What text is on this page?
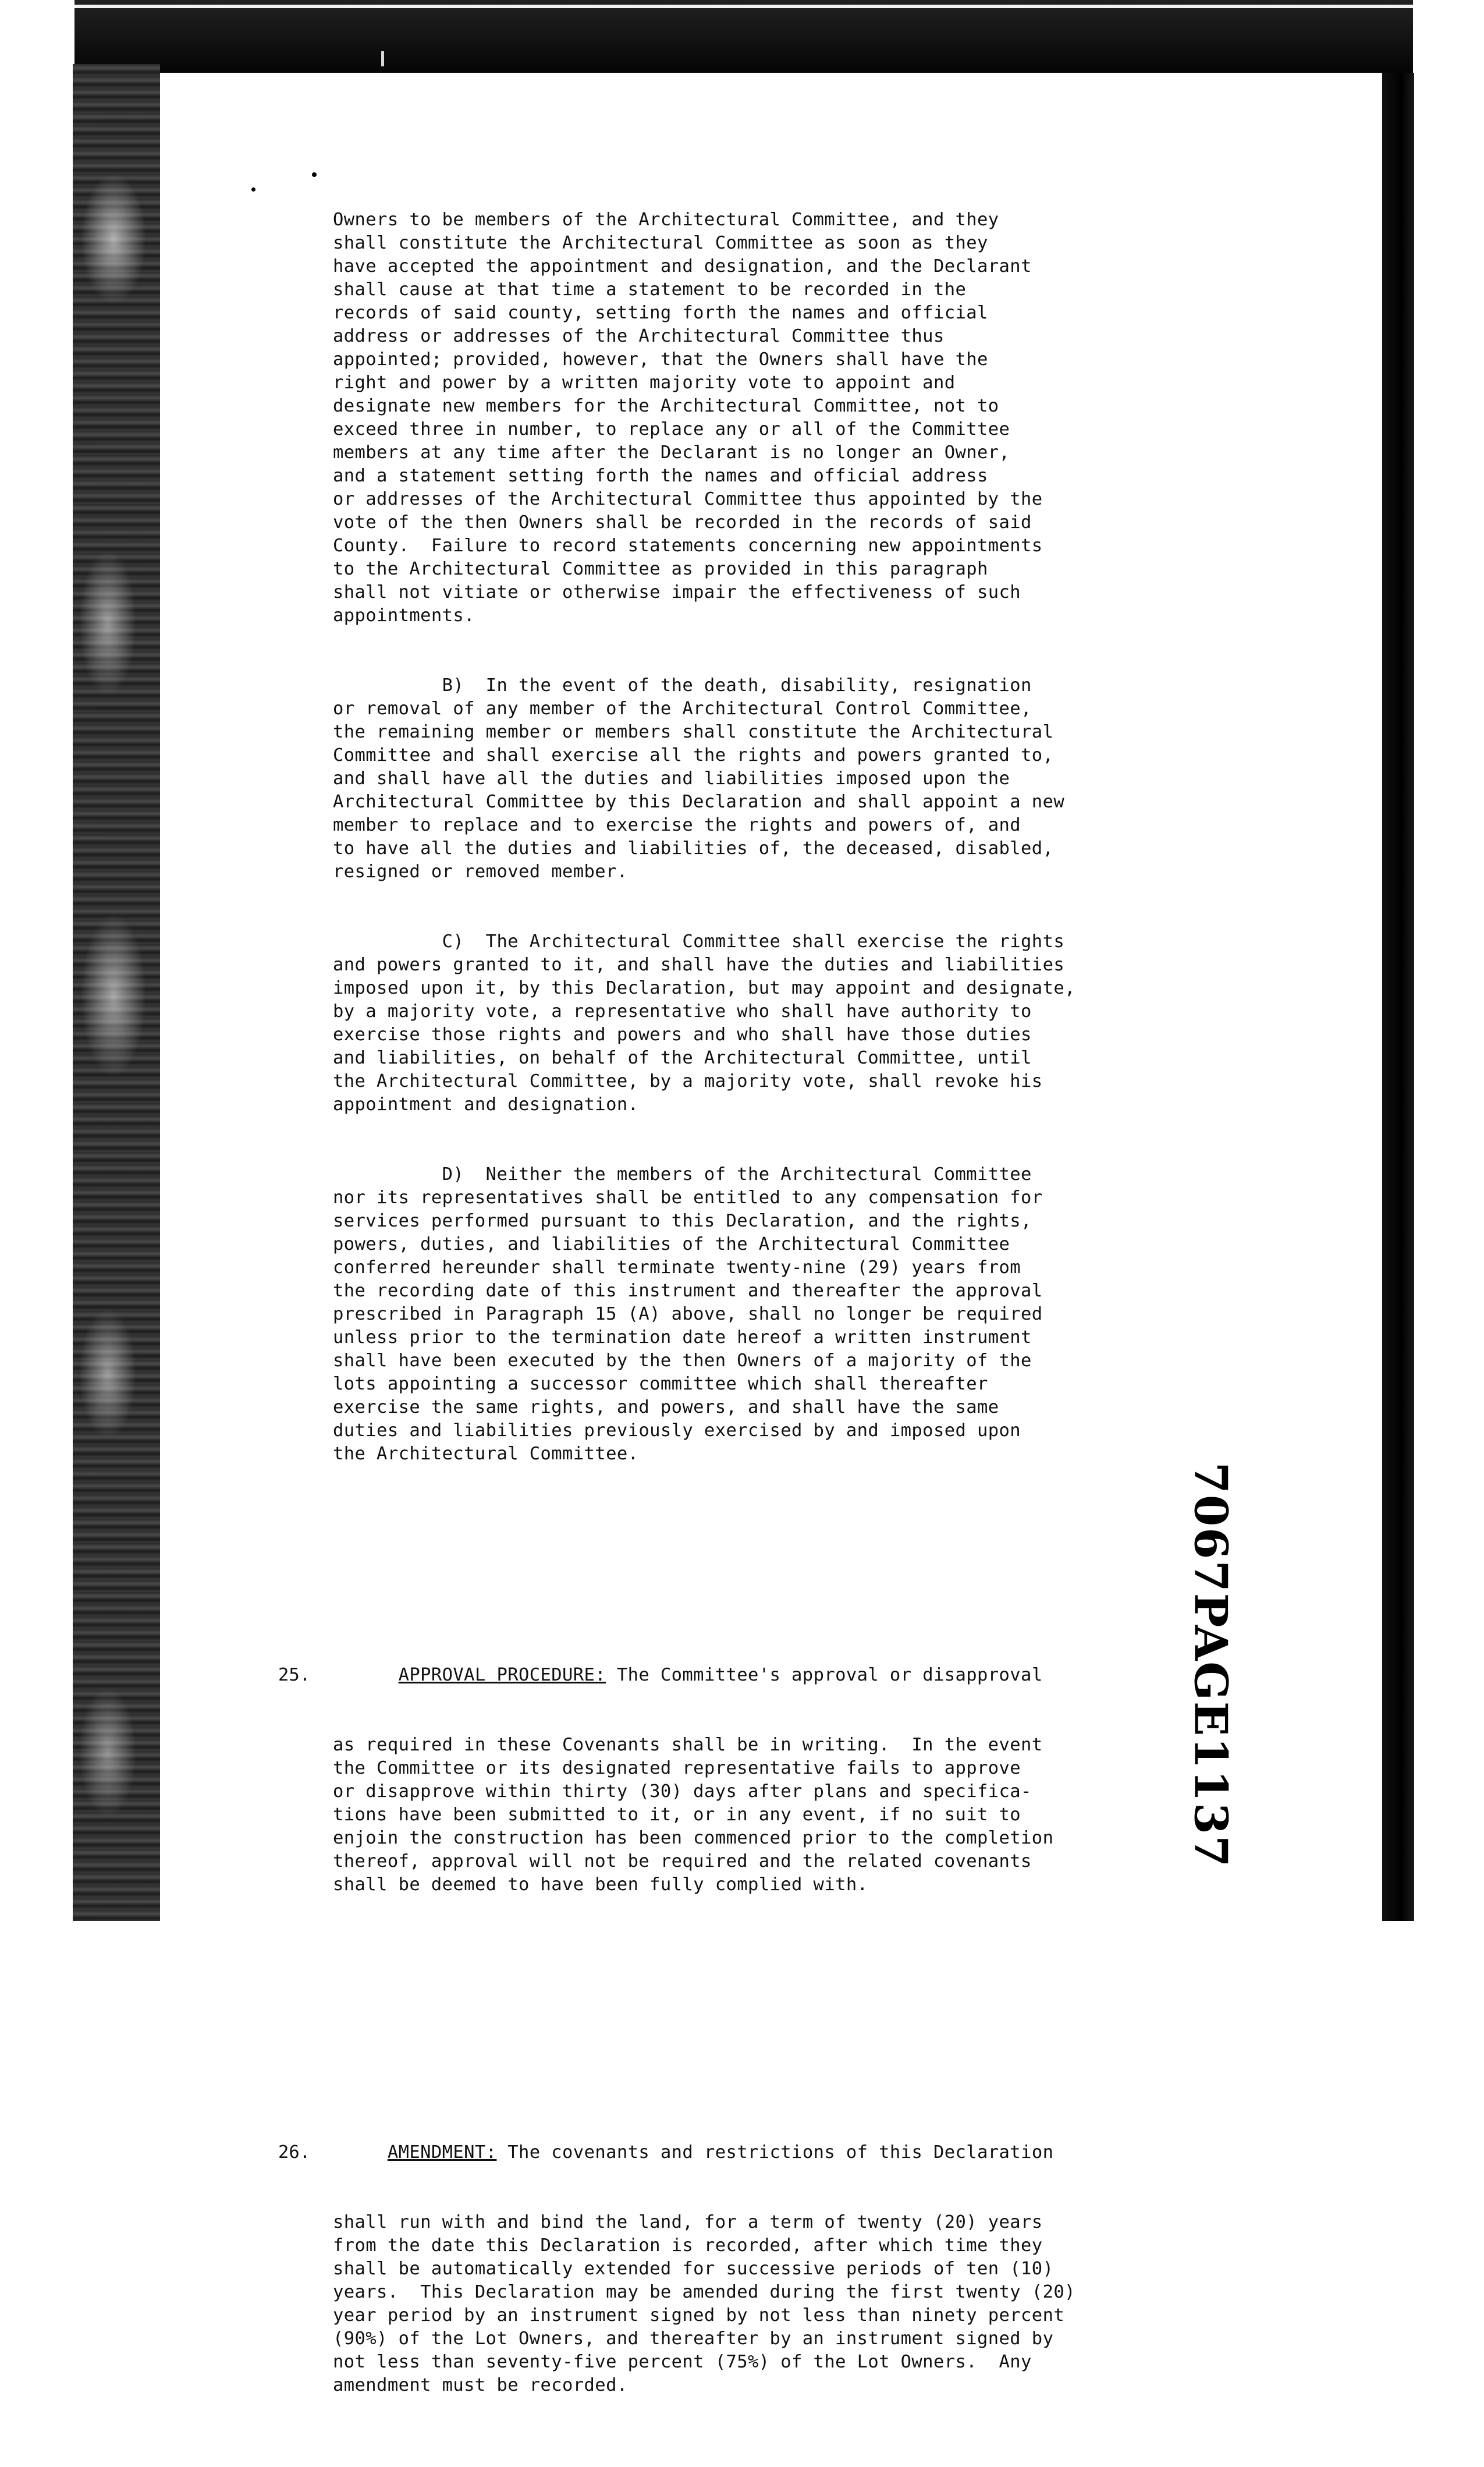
Owners to be members of the Architectural Committee, and they
shall constitute the Architectural Committee as soon as they
have accepted the appointment and designation, and the Declarant
shall cause at that time a statement to be recorded in the
records of said county, setting forth the names and official
address or addresses of the Architectural Committee thus
appointed; provided, however, that the Owners shall have the
right and power by a written majority vote to appoint and
designate new members for the Architectural Committee, not to
exceed three in number, to replace any or all of the Committee
members at any time after the Declarant is no longer an Owner,
and a statement setting forth the names and official address
or addresses of the Architectural Committee thus appointed by the
vote of the then Owners shall be recorded in the records of said
County.  Failure to record statements concerning new appointments
to the Architectural Committee as provided in this paragraph
shall not vitiate or otherwise impair the effectiveness of such
appointments.

B)  In the event of the death, disability, resignation
or removal of any member of the Architectural Control Committee,
the remaining member or members shall constitute the Architectural
Committee and shall exercise all the rights and powers granted to,
and shall have all the duties and liabilities imposed upon the
Architectural Committee by this Declaration and shall appoint a new
member to replace and to exercise the rights and powers of, and
to have all the duties and liabilities of, the deceased, disabled,
resigned or removed member.

C)  The Architectural Committee shall exercise the rights
and powers granted to it, and shall have the duties and liabilities
imposed upon it, by this Declaration, but may appoint and designate,
by a majority vote, a representative who shall have authority to
exercise those rights and powers and who shall have those duties
and liabilities, on behalf of the Architectural Committee, until
the Architectural Committee, by a majority vote, shall revoke his
appointment and designation.

D)  Neither the members of the Architectural Committee
nor its representatives shall be entitled to any compensation for
services performed pursuant to this Declaration, and the rights,
powers, duties, and liabilities of the Architectural Committee
conferred hereunder shall terminate twenty-nine (29) years from
the recording date of this instrument and thereafter the approval
prescribed in Paragraph 15 (A) above, shall no longer be required
unless prior to the termination date hereof a written instrument
shall have been executed by the then Owners of a majority of the
lots appointing a successor committee which shall thereafter
exercise the same rights, and powers, and shall have the same
duties and liabilities previously exercised by and imposed upon
the Architectural Committee.

APPROVAL PROCEDURE: The Committee's approval or disapproval

as required in these Covenants shall be in writing.  In the event
the Committee or its designated representative fails to approve
or disapprove within thirty (30) days after plans and specifica-
tions have been submitted to it, or in any event, if no suit to
enjoin the construction has been commenced prior to the completion
thereof, approval will not be required and the related covenants
shall be deemed to have been fully complied with.

AMENDMENT: The covenants and restrictions of this Declaration

shall run with and bind the land, for a term of twenty (20) years
from the date this Declaration is recorded, after which time they
shall be automatically extended for successive periods of ten (10)
years.  This Declaration may be amended during the first twenty (20)
year period by an instrument signed by not less than ninety percent
(90%) of the Lot Owners, and thereafter by an instrument signed by
not less than seventy-five percent (75%) of the Lot Owners.  Any
amendment must be recorded.

25.
26.
7067PAGE1137
